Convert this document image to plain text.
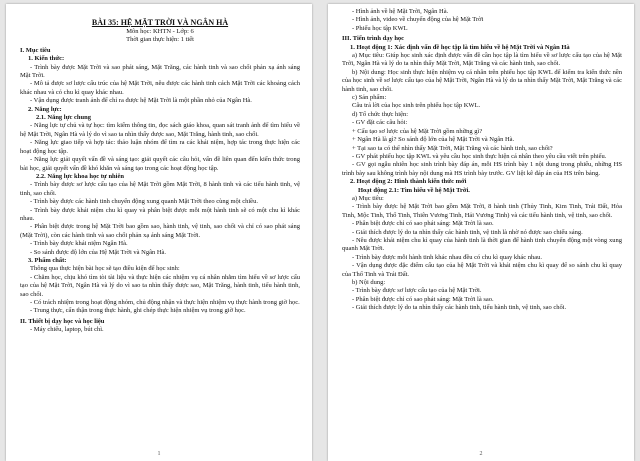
BÀI 35: HỆ MẶT TRỜI VÀ NGÂN HÀ
Môn học: KHTN - Lớp: 6
Thời gian thực hiện: 1 tiết
I. Mục tiêu
1. Kiến thức:
- Trình bày được Mặt Trời và sao phát sáng, Mặt Trăng, các hành tinh và sao chổi phản xạ ánh sáng Mặt Trời.
- Mô tả được sơ lược cấu trúc của hệ Mặt Trời, nêu được các hành tinh cách Mặt Trời các khoảng cách khác nhau và có chu kì quay khác nhau.
- Vận dụng được tranh ảnh để chỉ ra được hệ Mặt Trời là một phần nhỏ của Ngân Hà.
2. Năng lực:
2.1. Năng lực chung
- Năng lực tự chủ và tự học: tìm kiếm thông tin, đọc sách giáo khoa, quan sát tranh ảnh để tìm hiểu về hệ Mặt Trời, Ngân Hà và lý do vì sao ta nhìn thấy được sao, Mặt Trăng, hành tinh, sao chổi.
- Năng lực giao tiếp và hợp tác: thảo luận nhóm để tìm ra các khái niệm, hợp tác trong thực hiện các hoạt động học tập.
- Năng lực giải quyết vấn đề và sáng tạo: giải quyết các câu hỏi, vấn đề liên quan đến kiến thức trong bài học, giải quyết vấn đề khó khăn và sáng tạo trong các hoạt động học tập.
2.2. Năng lực khoa học tự nhiên
- Trình bày được sơ lược cấu tạo của hệ Mặt Trời gồm Mặt Trời, 8 hành tinh và các tiểu hành tinh, vệ tinh, sao chổi.
- Trình bày được các hành tinh chuyển động xung quanh Mặt Trời theo cùng một chiều.
- Trình bày được khái niệm chu kì quay và phân biệt được mỗi một hành tinh sẽ có một chu kì khác nhau.
- Phân biệt được trong hệ Mặt Trời bao gồm sao, hành tinh, vệ tinh, sao chổi và chỉ có sao phát sáng (Mặt Trời), còn các hành tinh và sao chổi phản xạ ánh sáng Mặt Trời.
- Trình bày được khái niệm Ngân Hà.
- So sánh được độ lớn của Hệ Mặt Trời và Ngân Hà.
3. Phẩm chất:
Thông qua thực hiện bài học sẽ tạo điều kiện để học sinh:
- Chăm học, chịu khó tìm tòi tài liệu và thực hiện các nhiệm vụ cá nhân nhằm tìm hiểu về sơ lược cấu tạo của hệ Mặt Trời, Ngân Hà và lý do vì sao ta nhìn thấy được sao, Mặt Trăng, hành tinh, tiểu hành tinh, sao chổi.
- Có trách nhiệm trong hoạt động nhóm, chủ động nhận và thực hiện nhiệm vụ thực hành trong giờ học.
- Trung thực, cẩn thận trong thực hành, ghi chép thực hiện nhiệm vụ trong giờ học.
II. Thiết bị dạy học và học liệu
- Máy chiếu, laptop, bút chì.
1
- Hình ảnh về hệ Mặt Trời, Ngân Hà.
- Hình ảnh, video về chuyển động của hệ Mặt Trời
- Phiếu học tập KWL
III. Tiến trình dạy học
1. Hoạt động 1: Xác định vấn đề học tập là tìm hiểu về hệ Mặt Trời và Ngân Hà
a) Mục tiêu: Giúp học sinh xác định được vấn đề cần học tập là tìm hiểu về sơ lược cấu tạo của hệ Mặt Trời, Ngân Hà và lý do ta nhìn thấy Mặt Trời, Mặt Trăng và các hành tinh, sao chổi.
b) Nội dung: Học sinh thực hiện nhiệm vụ cá nhân trên phiếu học tập KWL để kiểm tra kiến thức nền của học sinh về sơ lược cấu tạo của hệ Mặt Trời, Ngân Hà và lý do ta nhìn thấy Mặt Trời, Mặt Trăng và các hành tinh, sao chổi.
c) Sản phẩm:
Câu trả lời của học sinh trên phiếu học tập KWL.
d) Tổ chức thực hiện:
- GV đặt các câu hỏi:
+ Cấu tạo sơ lược của hệ Mặt Trời gồm những gì?
+ Ngân Hà là gì? So sánh độ lớn của hệ Mặt Trời và Ngân Hà.
+ Tại sao ta có thể nhìn thấy Mặt Trời, Mặt Trăng và các hành tinh, sao chổi?
- GV phát phiếu học tập KWL và yêu cầu học sinh thực hiện cá nhân theo yêu cầu viết trên phiếu.
- GV gọi ngẫu nhiên học sinh trình bày đáp án, mỗi HS trình bày 1 nội dung trong phiếu, những HS trình bày sau không trình bày nội dung mà HS trình bày trước. GV liệt kê đáp án của HS trên bảng.
2. Hoạt động 2: Hình thành kiến thức mới
Hoạt động 2.1: Tìm hiểu về hệ Mặt Trời.
a) Mục tiêu:
- Trình bày được hệ Mặt Trời bao gồm Mặt Trời, 8 hành tinh (Thủy Tinh, Kim Tinh, Trái Đất, Hỏa Tinh, Mộc Tinh, Thổ Tinh, Thiên Vương Tinh, Hải Vương Tinh) và các tiểu hành tinh, vệ tinh, sao chổi.
- Phân biệt được chỉ có sao phát sáng: Mặt Trời là sao.
- Giải thích được lý do ta nhìn thấy các hành tinh, vệ tinh là nhờ nó được sao chiếu sáng.
- Nêu được khái niệm chu kì quay của hành tinh là thời gian để hành tinh chuyển động một vòng xung quanh Mặt Trời.
- Trình bày được mỗi hành tinh khác nhau đều có chu kì quay khác nhau.
- Vận dụng được đặc điểm cấu tạo của hệ Mặt Trời và khái niệm chu kì quay để so sánh chu kì quay của Thổ Tinh và Trái Đất.
b) Nội dung:
- Trình bày được sơ lược cấu tạo của hệ Mặt Trời.
- Phân biệt được chỉ có sao phát sáng: Mặt Trời là sao.
- Giải thích được lý do ta nhìn thấy các hành tinh, tiểu hành tinh, vệ tinh, sao chổi.
2
